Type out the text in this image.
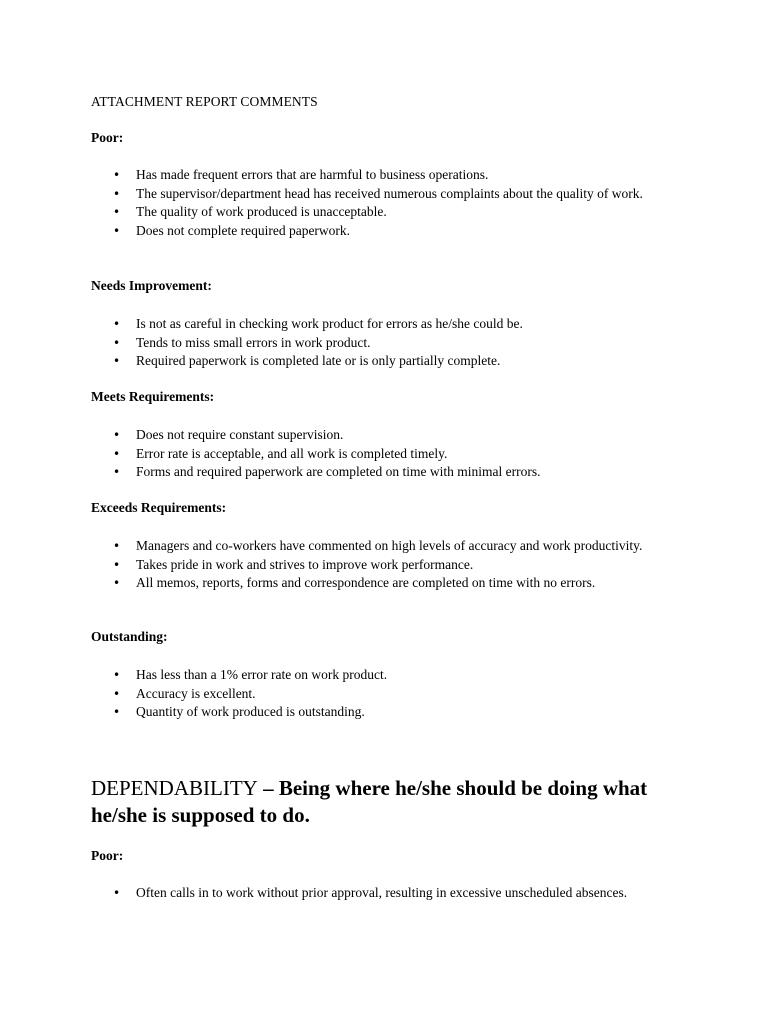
ATTACHMENT REPORT COMMENTS
Poor:
• Has made frequent errors that are harmful to business operations.
• The supervisor/department head has received numerous complaints about the quality of work.
• The quality of work produced is unacceptable.
• Does not complete required paperwork.
Needs Improvement:
• Is not as careful in checking work product for errors as he/she could be.
• Tends to miss small errors in work product.
• Required paperwork is completed late or is only partially complete.
Meets Requirements:
• Does not require constant supervision.
• Error rate is acceptable, and all work is completed timely.
• Forms and required paperwork are completed on time with minimal errors.
Exceeds Requirements:
• Managers and co-workers have commented on high levels of accuracy and work productivity.
• Takes pride in work and strives to improve work performance.
• All memos, reports, forms and correspondence are completed on time with no errors.
Outstanding:
• Has less than a 1% error rate on work product.
• Accuracy is excellent.
• Quantity of work produced is outstanding.
DEPENDABILITY – Being where he/she should be doing what he/she is supposed to do.
Poor:
• Often calls in to work without prior approval, resulting in excessive unscheduled absences.
